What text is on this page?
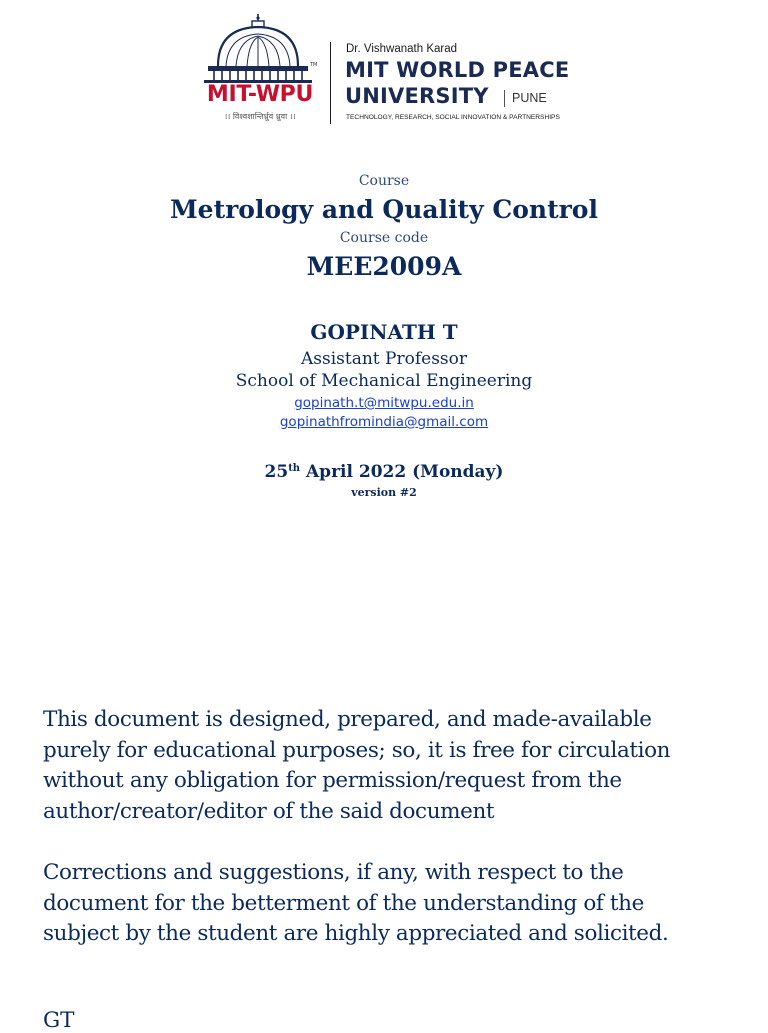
TM
MIT-WPU
।। विश्वशान्तिर्ध्रुवं ध्रुवा ।।
Dr. Vishwanath Karad
MIT WORLD PEACE
UNIVERSITY PUNE
TECHNOLOGY, RESEARCH, SOCIAL INNOVATION & PARTNERSHIPS
Course
Metrology and Quality Control
Course code
MEE2009A
GOPINATH T
Assistant Professor
School of Mechanical Engineering
gopinath.t@mitwpu.edu.in
gopinathfromindia@gmail.com
25th April 2022 (Monday)
version #2
This document is designed, prepared, and made-available
purely for educational purposes; so, it is free for circulation
without any obligation for permission/request from the
author/creator/editor of the said document
Corrections and suggestions, if any, with respect to the
document for the betterment of the understanding of the
subject by the student are highly appreciated and solicited.
GT
